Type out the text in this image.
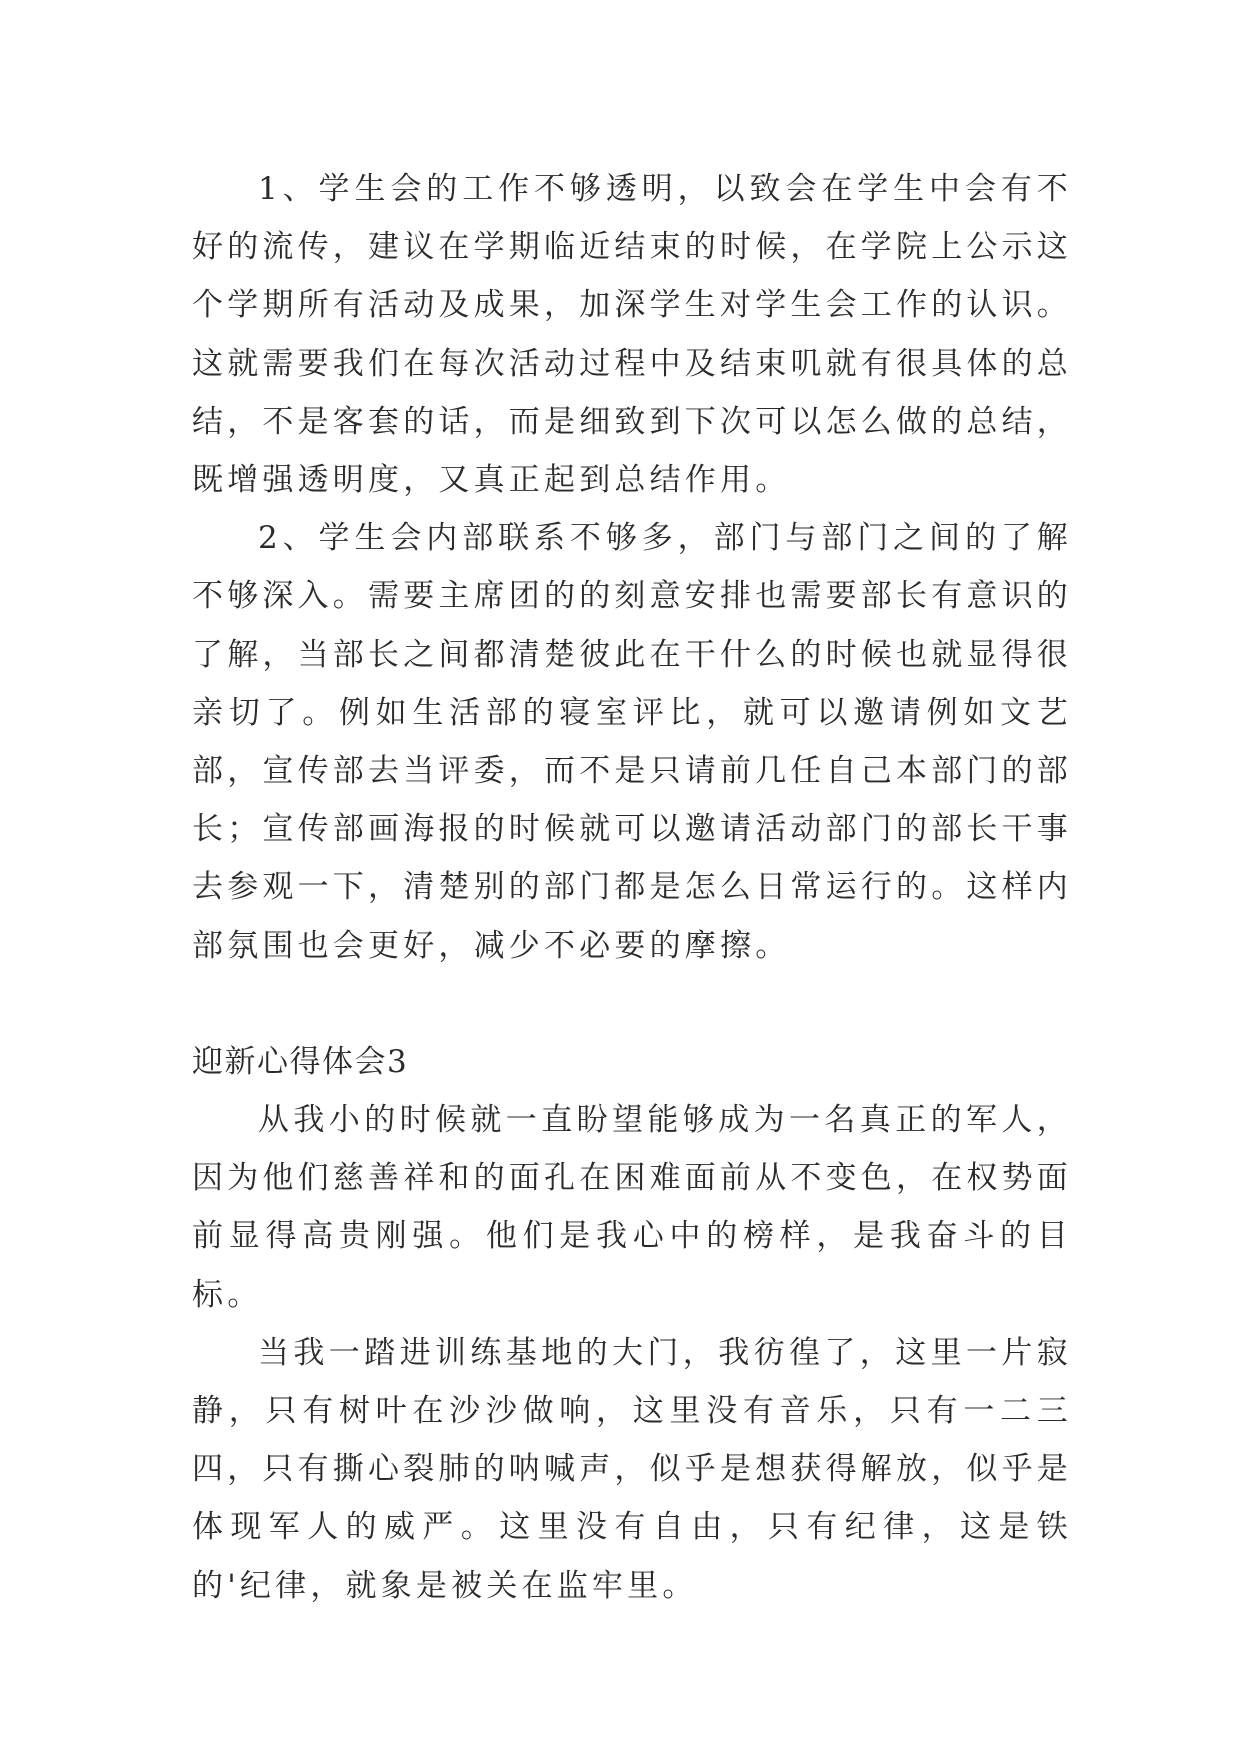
1、学生会的工作不够透明，以致会在学生中会有不好的流传，建议在学期临近结束的时候，在学院上公示这个学期所有活动及成果，加深学生对学生会工作的认识。这就需要我们在每次活动过程中及结束叽就有很具体的总结，不是客套的话，而是细致到下次可以怎么做的总结，既增强透明度，又真正起到总结作用。

2、学生会内部联系不够多，部门与部门之间的了解不够深入。需要主席团的的刻意安排也需要部长有意识的了解，当部长之间都清楚彼此在干什么的时候也就显得很亲切了。例如生活部的寝室评比，就可以邀请例如文艺部，宣传部去当评委，而不是只请前几任自己本部门的部长；宣传部画海报的时候就可以邀请活动部门的部长干事去参观一下，清楚别的部门都是怎么日常运行的。这样内部氛围也会更好，减少不必要的摩擦。

迎新心得体会3

从我小的时候就一直盼望能够成为一名真正的军人，因为他们慈善祥和的面孔在困难面前从不变色，在权势面前显得高贵刚强。他们是我心中的榜样，是我奋斗的目标。

当我一踏进训练基地的大门，我彷徨了，这里一片寂静，只有树叶在沙沙做响，这里没有音乐，只有一二三四，只有撕心裂肺的呐喊声，似乎是想获得解放，似乎是体现军人的威严。这里没有自由，只有纪律，这是铁的'纪律，就象是被关在监牢里。
